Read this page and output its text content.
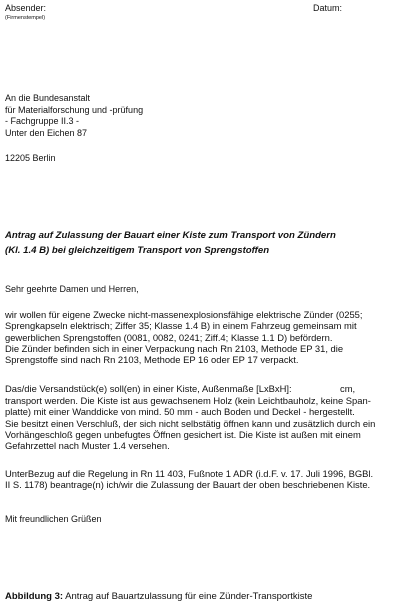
Absender:
(Firmenstempel)
Datum:
An die Bundesanstalt
für Materialforschung und -prüfung
- Fachgruppe II.3 -
Unter den Eichen 87
12205 Berlin
Antrag auf Zulassung der Bauart einer Kiste zum Transport von Zündern
(Kl. 1.4 B) bei gleichzeitigem Transport von Sprengstoffen
Sehr geehrte Damen und Herren,
wir wollen für eigene Zwecke nicht-massenexplosionsfähige elektrische Zünder (0255;
Sprengkapseln elektrisch; Ziffer 35; Klasse 1.4 B) in einem Fahrzeug gemeinsam mit
gewerblichen Sprengstoffen (0081, 0082, 0241; Ziff.4; Klasse 1.1 D) befördern.
Die Zünder befinden sich in einer Verpackung nach Rn 2103, Methode EP 31, die
Sprengstoffe sind nach Rn 2103, Methode EP 16 oder EP 17 verpackt.
Das/die Versandstück(e) soll(en) in einer Kiste, Außenmaße [LxBxH]:	cm,
transport werden. Die Kiste ist aus gewachsenem Holz (kein Leichtbauholz, keine Span-
platte) mit einer Wanddicke von mind. 50 mm - auch Boden und Deckel - hergestellt.
Sie besitzt einen Verschluß, der sich nicht selbstätig öffnen kann und zusätzlich durch ein
Vorhängeschloß gegen unbefugtes Öffnen gesichert ist. Die Kiste ist außen mit einem
Gefahrzettel nach Muster 1.4 versehen.
UnterBezug auf die Regelung in Rn 11 403, Fußnote 1 ADR (i.d.F. v. 17. Juli 1996, BGBl.
II S. 1178) beantrage(n) ich/wir die Zulassung der Bauart der oben beschriebenen Kiste.
Mit freundlichen Grüßen
Abbildung 3: Antrag auf Bauartzulassung für eine Zünder-Transportkiste
